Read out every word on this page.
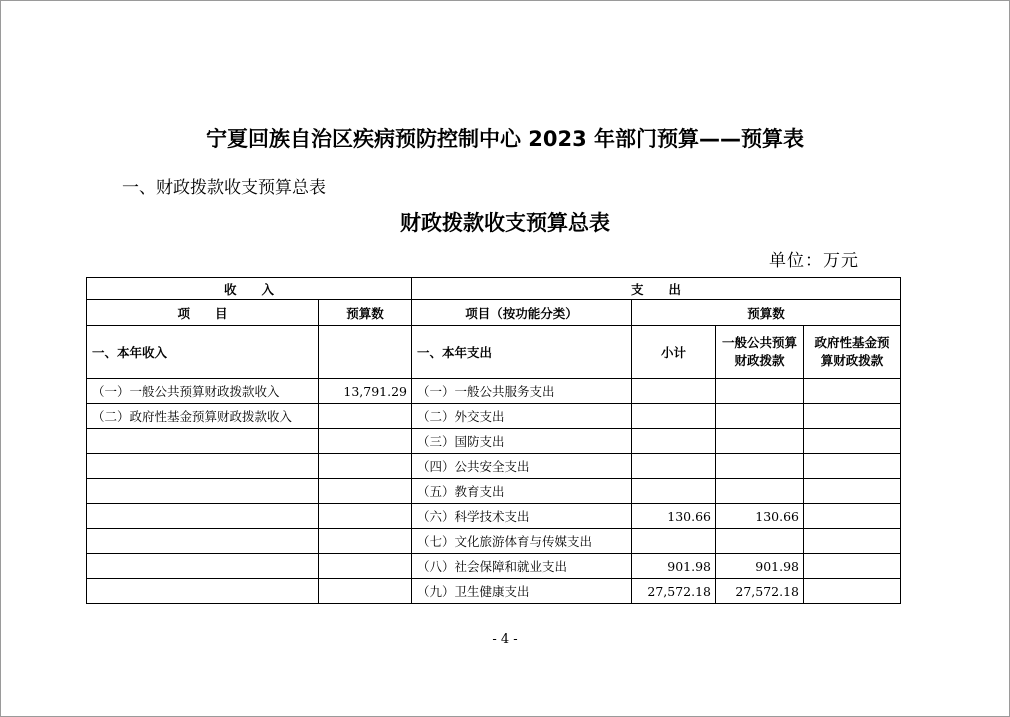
宁夏回族自治区疾病预防控制中心 2023 年部门预算——预算表
一、财政拨款收支预算总表
财政拨款收支预算总表
单位：万元
收　　入		支　　出			
项　　目	预算数	项目（按功能分类）	预算数		
一、本年收入		一、本年支出	小计	一般公共预算财政拨款	政府性基金预算财政拨款
（一）一般公共预算财政拨款收入	13,791.29	（一）一般公共服务支出			
（二）政府性基金预算财政拨款收入		（二）外交支出			
		（三）国防支出			
		（四）公共安全支出			
		（五）教育支出			
		（六）科学技术支出	130.66	130.66	
		（七）文化旅游体育与传媒支出			
		（八）社会保障和就业支出	901.98	901.98	
		（九）卫生健康支出	27,572.18	27,572.18	
- 4 -
